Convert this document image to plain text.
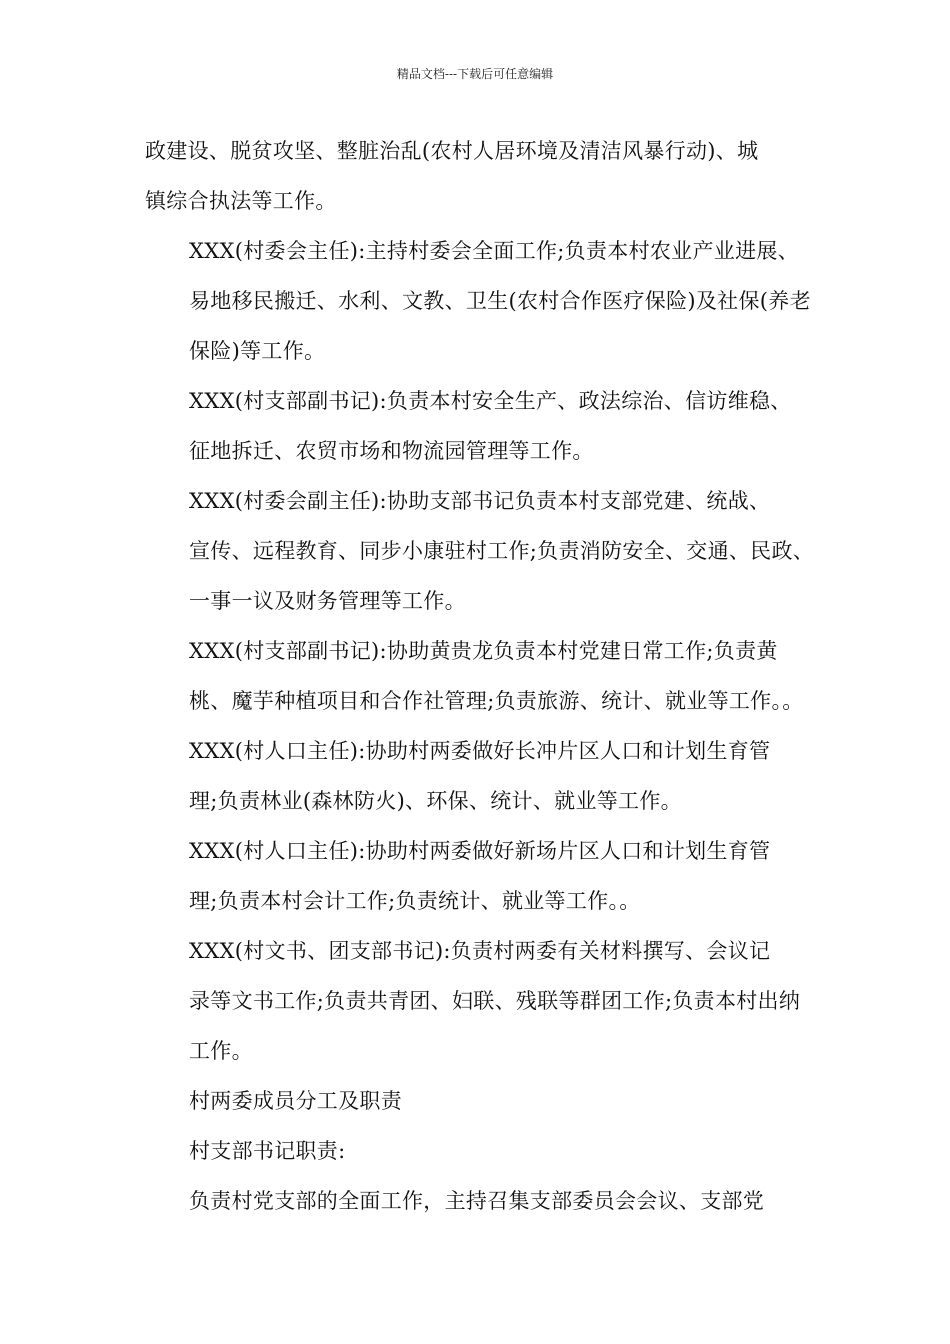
精品文档---下载后可任意编辑
政建设、脱贫攻坚、整脏治乱(农村人居环境及清洁风暴行动)、城
镇综合执法等工作。
XXX(村委会主任):主持村委会全面工作;负责本村农业产业进展、
易地移民搬迁、水利、文教、卫生(农村合作医疗保险)及社保(养老
保险)等工作。
XXX(村支部副书记):负责本村安全生产、政法综治、信访维稳、
征地拆迁、农贸市场和物流园管理等工作。
XXX(村委会副主任):协助支部书记负责本村支部党建、统战、
宣传、远程教育、同步小康驻村工作;负责消防安全、交通、民政、
一事一议及财务管理等工作。
XXX(村支部副书记):协助黄贵龙负责本村党建日常工作;负责黄
桃、魔芋种植项目和合作社管理;负责旅游、统计、就业等工作。。
XXX(村人口主任):协助村两委做好长冲片区人口和计划生育管
理;负责林业(森林防火)、环保、统计、就业等工作。
XXX(村人口主任):协助村两委做好新场片区人口和计划生育管
理;负责本村会计工作;负责统计、就业等工作。。
XXX(村文书、团支部书记):负责村两委有关材料撰写、会议记
录等文书工作;负责共青团、妇联、残联等群团工作;负责本村出纳
工作。
村两委成员分工及职责
村支部书记职责:
负责村党支部的全面工作，主持召集支部委员会会议、支部党
